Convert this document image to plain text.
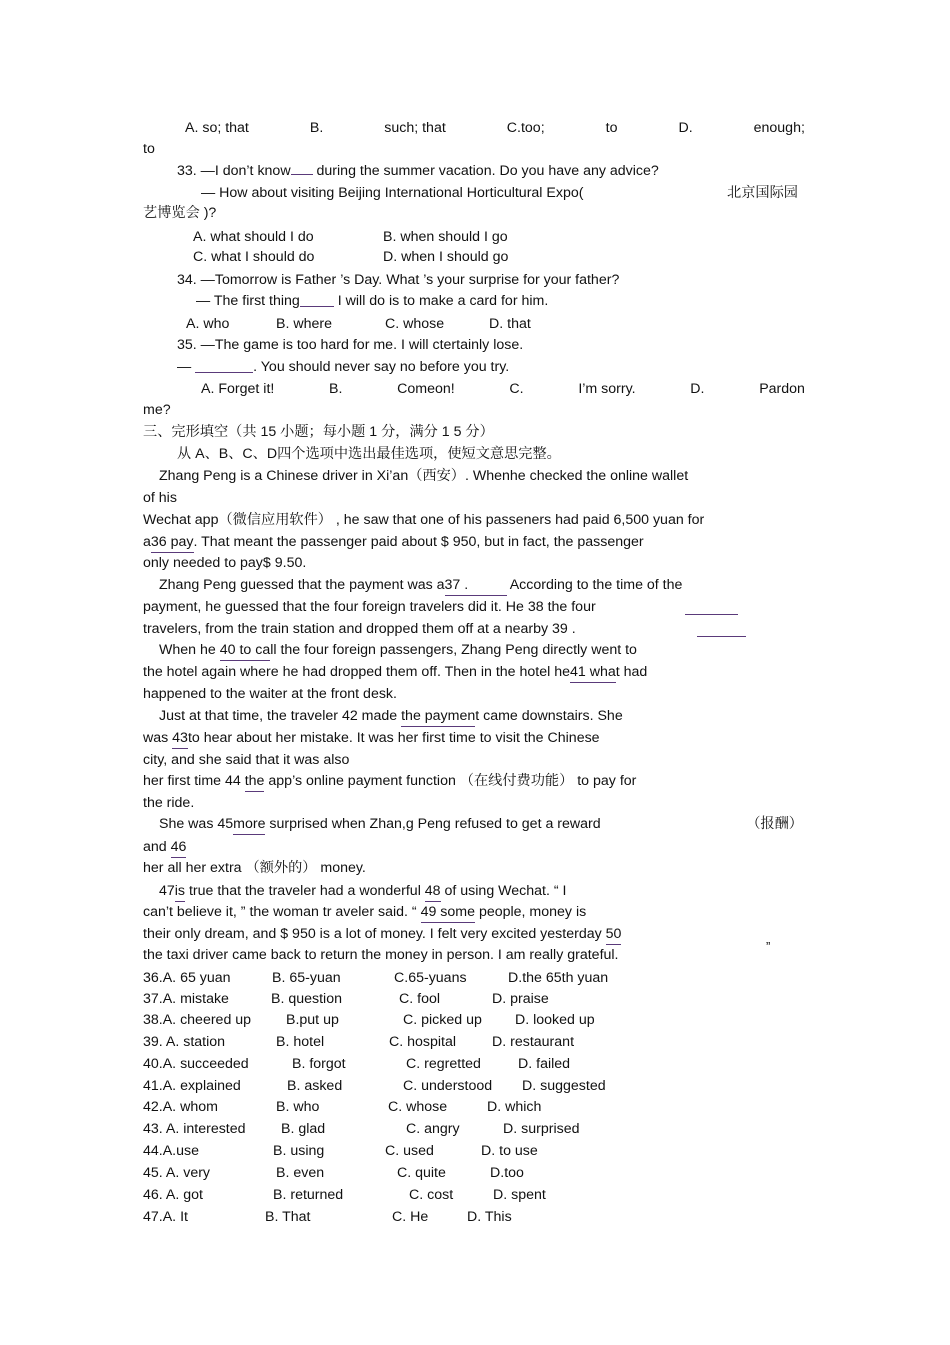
A. so; that	B.	such; that	C.too;	to	D.	enough;
to
33. —I don’t know during the summer vacation. Do you have any advice?
— How about visiting Beijing International Horticultural Expo(	北京国际园
艺博览会 )?
A. what should I do	B. when should I go
C. what I should do	D. when I should go
34. —Tomorrow is Father ’s Day. What ’s your surprise for your father?
— The first thing I will do is to make a card for him.
A. who	B. where	C. whose	D. that
35. —The game is too hard for me. I will ctertainly lose.
—	. You should never say no before you try.
A. Forget it!	B.	Comeon!	C.	I’m sorry.	D.	Pardon
me?
三、完形填空（共 15 小题；每小题 1 分，满分 1 5 分）
从 A、B、C、D四个选项中选出最佳选项，使短文意思完整。
Zhang Peng is a Chinese driver in Xi’an（西安）. Whenhe checked the online wallet
of his
Wechat app（微信应用软件） , he saw that one of his passeners had paid 6,500 yuan for
a36 pay. That meant the passenger paid about $ 950, but in fact, the passenger
only needed to pay$ 9.50.
Zhang Peng guessed that the payment was a37 .	According to the time of the
payment, he guessed that the four foreign travelers did it. He 38 the four
travelers, from the train station and dropped them off at a nearby 39 .
When he 40 to call the four foreign passengers, Zhang Peng directly went to
the hotel again where he had dropped them off. Then in the hotel he41 what had
happened to the waiter at the front desk.
Just at that time, the traveler 42 made the payment came downstairs. She
was 43to hear about her mistake. It was her first time to visit the Chinese
city, and she said that it was also
her first time 44 the app’s online payment function （在线付费功能） to pay for
the ride.
She was 45more surprised when Zhan,g Peng refused to get a reward	（报酬）
and 46
her all her extra （额外的） money.
47is true that the traveler had a wonderful 48 of using Wechat. “ I
can’t believe it, ” the woman tr aveler said. “ 49 some people, money is
their only dream, and $ 950 is a lot of money. I felt very excited yesterday 50
the taxi driver came back to return the money in person. I am really grateful.
”
36.A. 65 yuan	B. 65-yuan	C.65-yuans	D.the 65th yuan
37.A. mistake	B. question	C. fool	D. praise
38.A. cheered up B.put up	C. picked up D. looked up
39. A. station	B. hotel	C. hospital	D. restaurant
40.A. succeeded	B. forgot	C. regretted	D. failed
41.A. explained	B. asked	C. understood D. suggested
42.A. whom	B. who	C. whose	D. which
43. A. interested B. glad	C. angry	D. surprised
44.A.use	B. using	C. used	D. to use
45. A. very	B. even	C. quite	D.too
46. A. got	B. returned	C. cost	D. spent
47.A. It	B. That	C. He	D. This
